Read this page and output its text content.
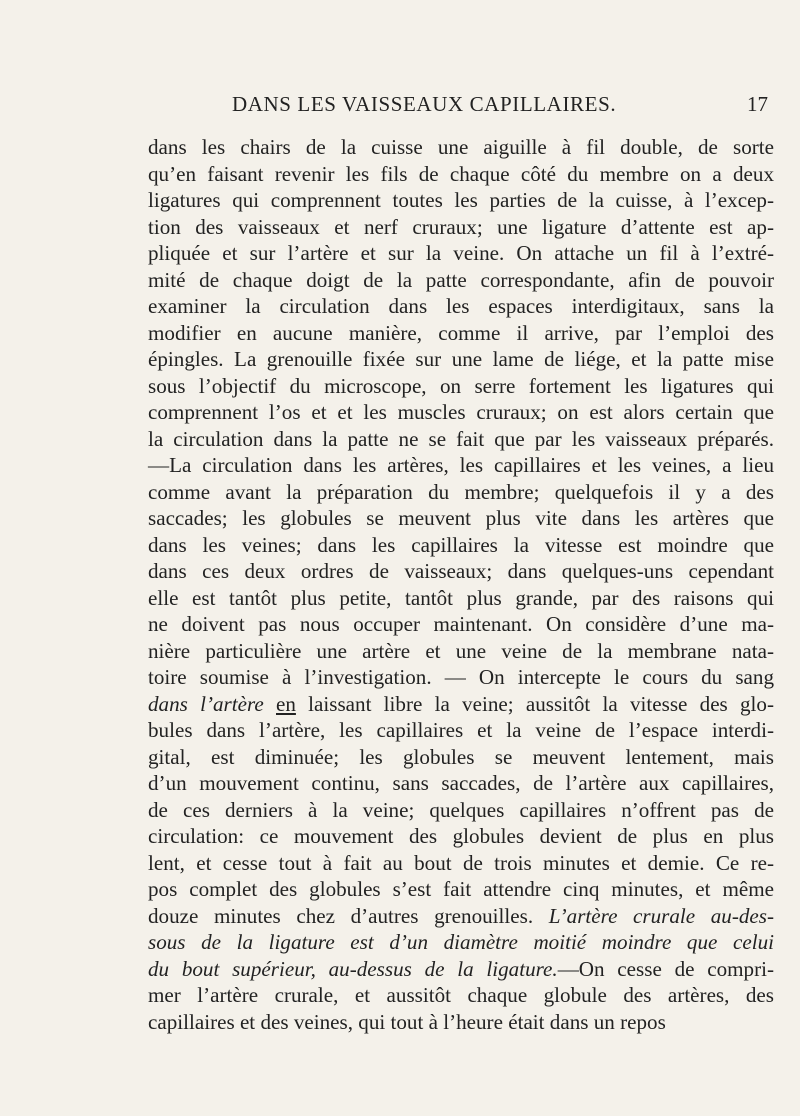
DANS LES VAISSEAUX CAPILLAIRES.	17
dans les chairs de la cuisse une aiguille à fil double, de sorte
qu’en faisant revenir les fils de chaque côté du membre on a deux
ligatures qui comprennent toutes les parties de la cuisse, à l’excep-
tion des vaisseaux et nerf cruraux; une ligature d’attente est ap-
pliquée et sur l’artère et sur la veine. On attache un fil à l’extré-
mité de chaque doigt de la patte correspondante, afin de pouvoir
examiner la circulation dans les espaces interdigitaux, sans la
modifier en aucune manière, comme il arrive, par l’emploi des
épingles. La grenouille fixée sur une lame de liége, et la patte mise
sous l’objectif du microscope, on serre fortement les ligatures qui
comprennent l’os et et les muscles cruraux; on est alors certain que
la circulation dans la patte ne se fait que par les vaisseaux préparés.
—La circulation dans les artères, les capillaires et les veines, a lieu
comme avant la préparation du membre; quelquefois il y a des
saccades; les globules se meuvent plus vite dans les artères que
dans les veines; dans les capillaires la vitesse est moindre que
dans ces deux ordres de vaisseaux; dans quelques-uns cependant
elle est tantôt plus petite, tantôt plus grande, par des raisons qui
ne doivent pas nous occuper maintenant. On considère d’une ma-
nière particulière une artère et une veine de la membrane nata-
toire soumise à l’investigation. — On intercepte le cours du sang
dans l’artère en laissant libre la veine; aussitôt la vitesse des glo-
bules dans l’artère, les capillaires et la veine de l’espace interdi-
gital, est diminuée; les globules se meuvent lentement, mais
d’un mouvement continu, sans saccades, de l’artère aux capillaires,
de ces derniers à la veine; quelques capillaires n’offrent pas de
circulation: ce mouvement des globules devient de plus en plus
lent, et cesse tout à fait au bout de trois minutes et demie. Ce re-
pos complet des globules s’est fait attendre cinq minutes, et même
douze minutes chez d’autres grenouilles. L’artère crurale au-des-
sous de la ligature est d’un diamètre moitié moindre que celui
du bout supérieur, au-dessus de la ligature.—On cesse de compri-
mer l’artère crurale, et aussitôt chaque globule des artères, des
capillaires et des veines, qui tout à l’heure était dans un repos
